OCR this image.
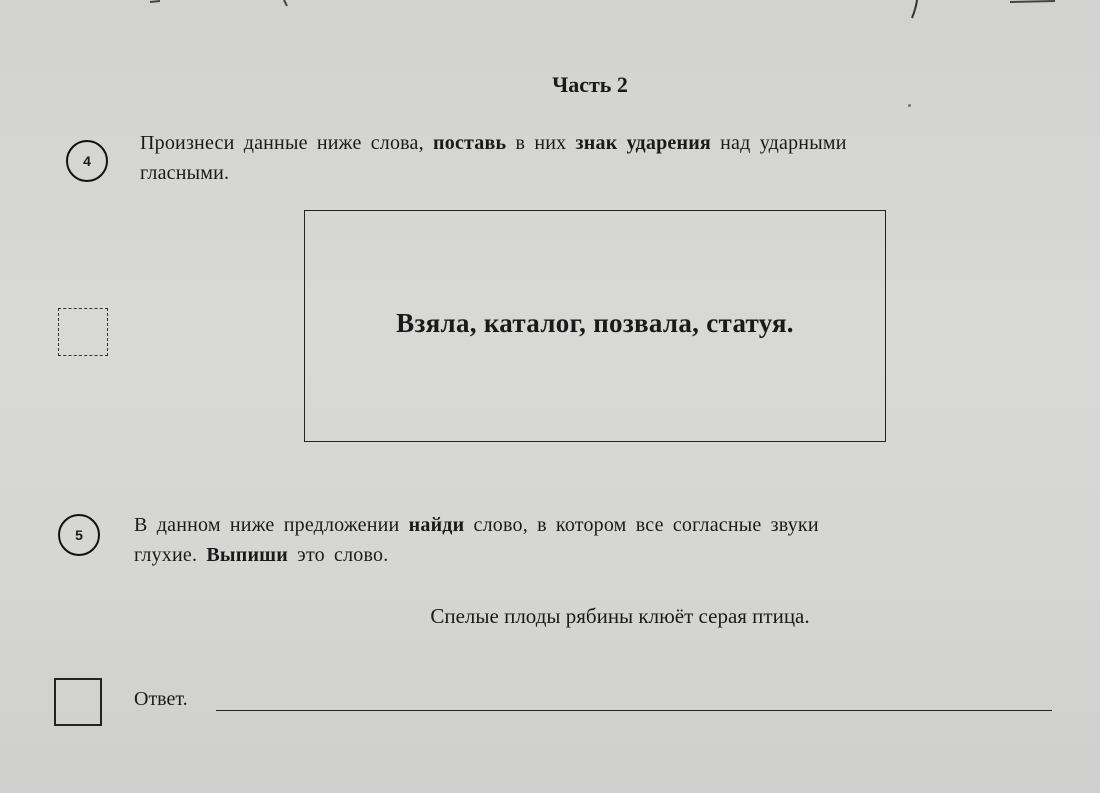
Часть 2
4
Произнеси данные ниже слова, поставь в них знак ударения над ударными
гласными.
Взяла, каталог, позвала, статуя.
5	В данном ниже предложении найди слово, в котором все согласные звуки
глухие. Выпиши это слово.
Спелые плоды рябины клюёт серая птица.
Ответ.
